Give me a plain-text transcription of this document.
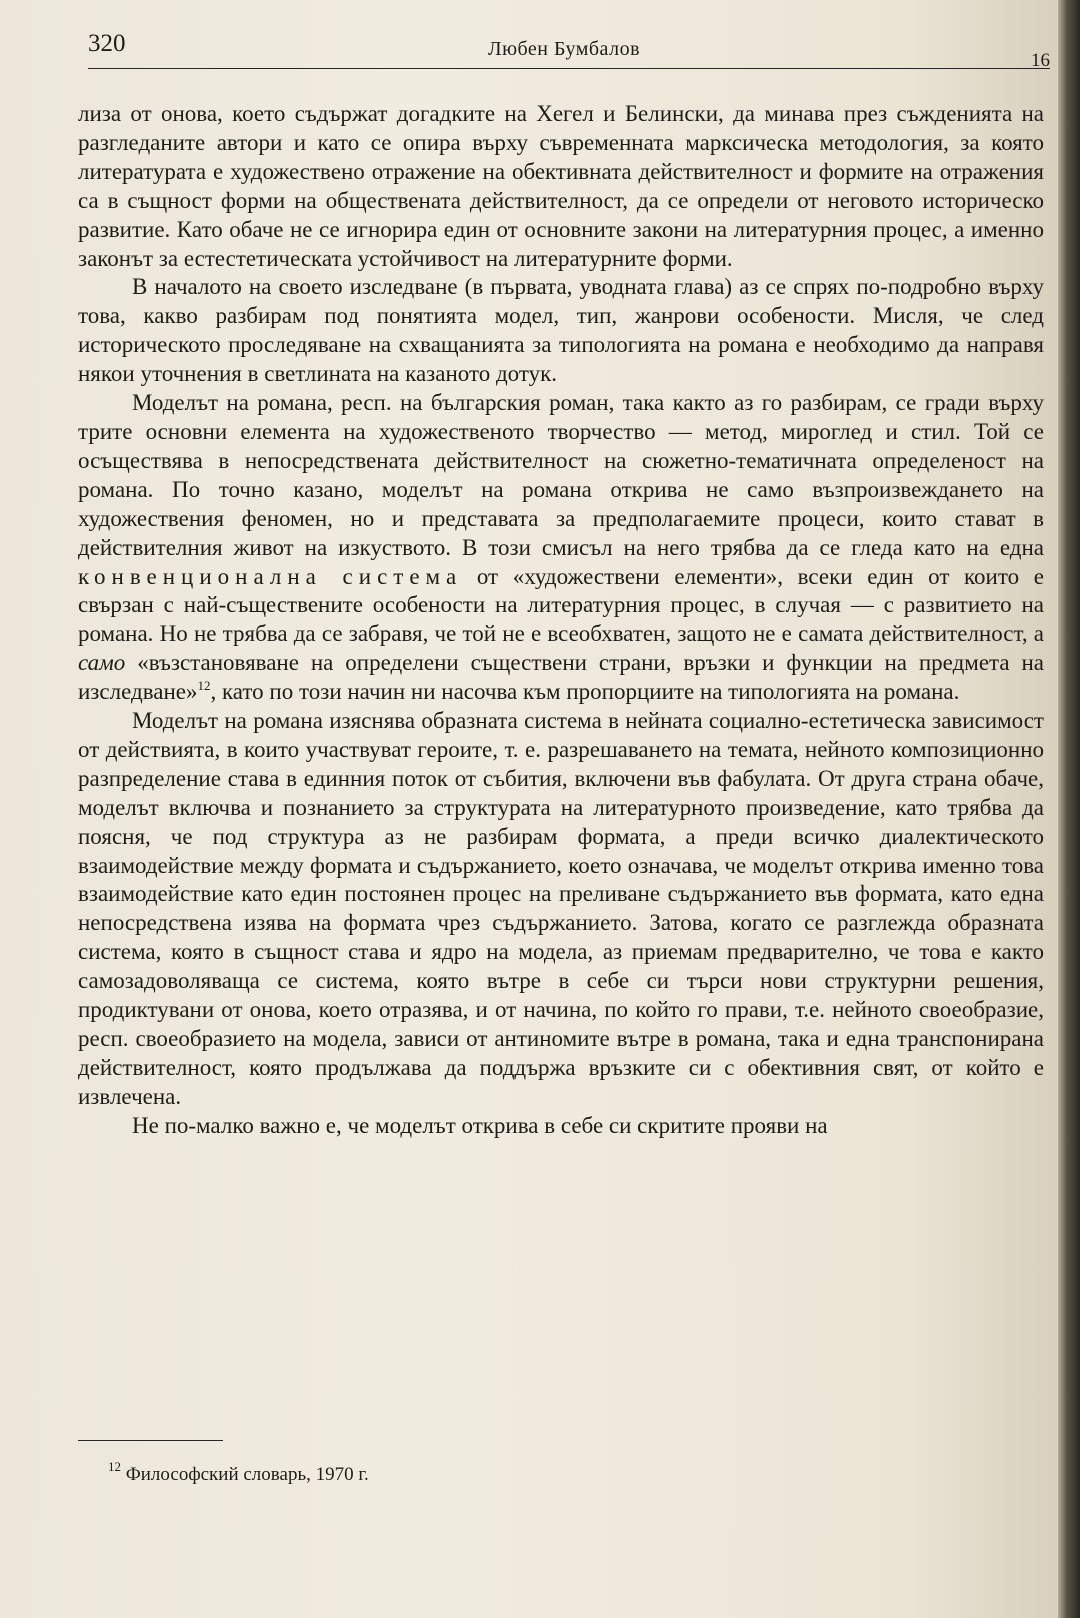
320	Любен Бумбалов
16

лиза от онова, което съдържат догадките на Хегел и Белински, да минава през съжденията на разгледаните автори и като се опира върху съвременната марксическа методология, за която литературата е художествено отражение на обективната действителност и формите на отражения са в същност форми на обществената действителност, да се определи от неговото историческо развитие. Като обаче не се игнорира един от основните закони на литературния процес, а именно законът за естестетическата устойчивост на литературните форми.

В началото на своето изследване (в първата, уводната глава) аз се спрях по-подробно върху това, какво разбирам под понятията модел, тип, жанрови особености. Мисля, че след историческото проследяване на схващанията за типологията на романа е необходимо да направя някои уточнения в светлината на казаното дотук.

Моделът на романа, респ. на българския роман, така както аз го разбирам, се гради върху трите основни елемента на художественото творчество — метод, мироглед и стил. Той се осъществява в непосредствената действителност на сюжетно-тематичната определеност на романа. По точно казано, моделът на романа открива не само възпроизвеждането на художествения феномен, но и представата за предполагаемите процеси, които стават в действителния живот на изкуството. В този смисъл на него трябва да се гледа като на една конвенционална система от «художествени елементи», всеки един от които е свързан с най-съществените особености на литературния процес, в случая — с развитието на романа. Но не трябва да се забравя, че той не е всеобхватен, защото не е самата действителност, а само «възстановяване на определени съществени страни, връзки и функции на предмета на изследване»$^{12}$, като по този начин ни насочва към пропорциите на типологията на романа.

Моделът на романа изяснява образната система в нейната социално-естетическа зависимост от действията, в които участвуват героите, т. е. разрешаването на темата, нейното композиционно разпределение става в единния поток от събития, включени във фабулата. От друга страна обаче, моделът включва и познанието за структурата на литературното произведение, като трябва да поясня, че под структура аз не разбирам формата, а преди всичко диалектическото взаимодействие между формата и съдържанието, което означава, че моделът открива именно това взаимодействие като един постоянен процес на преливане съдържанието във формата, като една непосредствена изява на формата чрез съдържанието. Затова, когато се разглежда образната система, която в същност става и ядро на модела, аз приемам предварително, че това е както самозадоволяваща се система, която вътре в себе си търси нови структурни решения, продиктувани от онова, което отразява, и от начина, по който го прави, т.е. нейното своеобразие, респ. своеобразието на модела, зависи от антиномите вътре в романа, така и една транспонирана действителност, която продължава да поддържа връзките си с обективния свят, от който е извлечена.

Не по-малко важно е, че моделът открива в себе си скритите прояви на

$^{12}$ Философский словарь, 1970 г.
